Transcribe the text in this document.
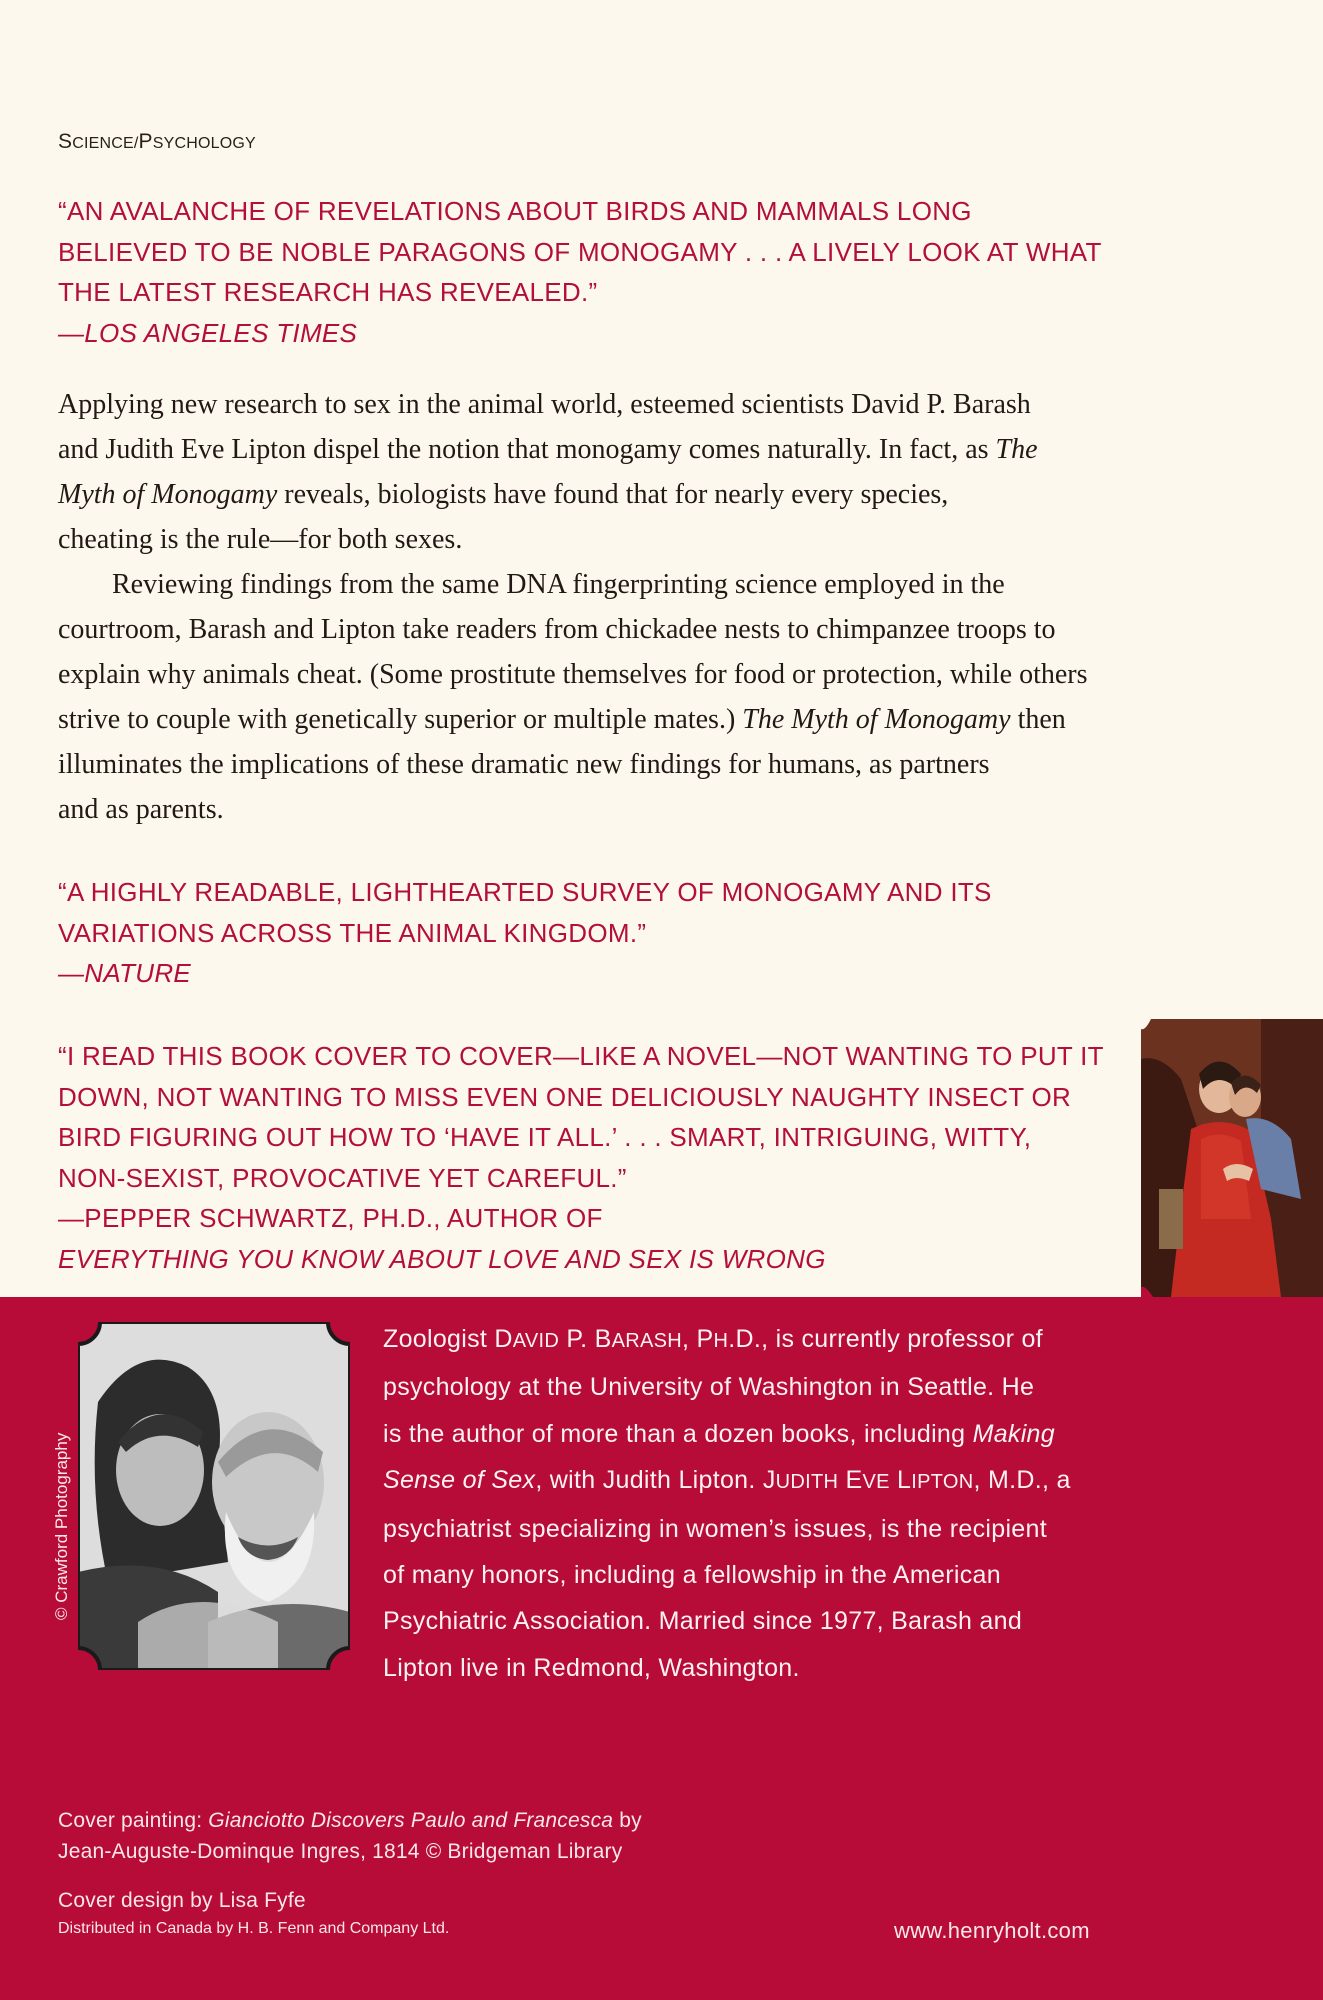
SCIENCE/PSYCHOLOGY
“AN AVALANCHE OF REVELATIONS ABOUT BIRDS AND MAMMALS LONG
BELIEVED TO BE NOBLE PARAGONS OF MONOGAMY . . . A LIVELY LOOK AT WHAT
THE LATEST RESEARCH HAS REVEALED.”
—LOS ANGELES TIMES
Applying new research to sex in the animal world, esteemed scientists David P. Barash
and Judith Eve Lipton dispel the notion that monogamy comes naturally. In fact, as The
Myth of Monogamy reveals, biologists have found that for nearly every species,
cheating is the rule—for both sexes.
Reviewing findings from the same DNA fingerprinting science employed in the
courtroom, Barash and Lipton take readers from chickadee nests to chimpanzee troops to
explain why animals cheat. (Some prostitute themselves for food or protection, while others
strive to couple with genetically superior or multiple mates.) The Myth of Monogamy then
illuminates the implications of these dramatic new findings for humans, as partners
and as parents.
“A HIGHLY READABLE, LIGHTHEARTED SURVEY OF MONOGAMY AND ITS
VARIATIONS ACROSS THE ANIMAL KINGDOM.”
—NATURE
“I READ THIS BOOK COVER TO COVER—LIKE A NOVEL—NOT WANTING TO PUT IT
DOWN, NOT WANTING TO MISS EVEN ONE DELICIOUSLY NAUGHTY INSECT OR
BIRD FIGURING OUT HOW TO ‘HAVE IT ALL.’ . . . SMART, INTRIGUING, WITTY,
NON-SEXIST, PROVOCATIVE YET CAREFUL.”
—PEPPER SCHWARTZ, PH.D., AUTHOR OF
EVERYTHING YOU KNOW ABOUT LOVE AND SEX IS WRONG
© Crawford Photography
Zoologist DAVID P. BARASH, PH.D., is currently professor of
psychology at the University of Washington in Seattle. He
is the author of more than a dozen books, including Making
Sense of Sex, with Judith Lipton. JUDITH EVE LIPTON, M.D., a
psychiatrist specializing in women’s issues, is the recipient
of many honors, including a fellowship in the American
Psychiatric Association. Married since 1977, Barash and
Lipton live in Redmond, Washington.
Cover painting: Gianciotto Discovers Paulo and Francesca by
Jean-Auguste-Dominque Ingres, 1814 © Bridgeman Library
Cover design by Lisa Fyfe
Distributed in Canada by H. B. Fenn and Company Ltd.	www.henryholt.com
